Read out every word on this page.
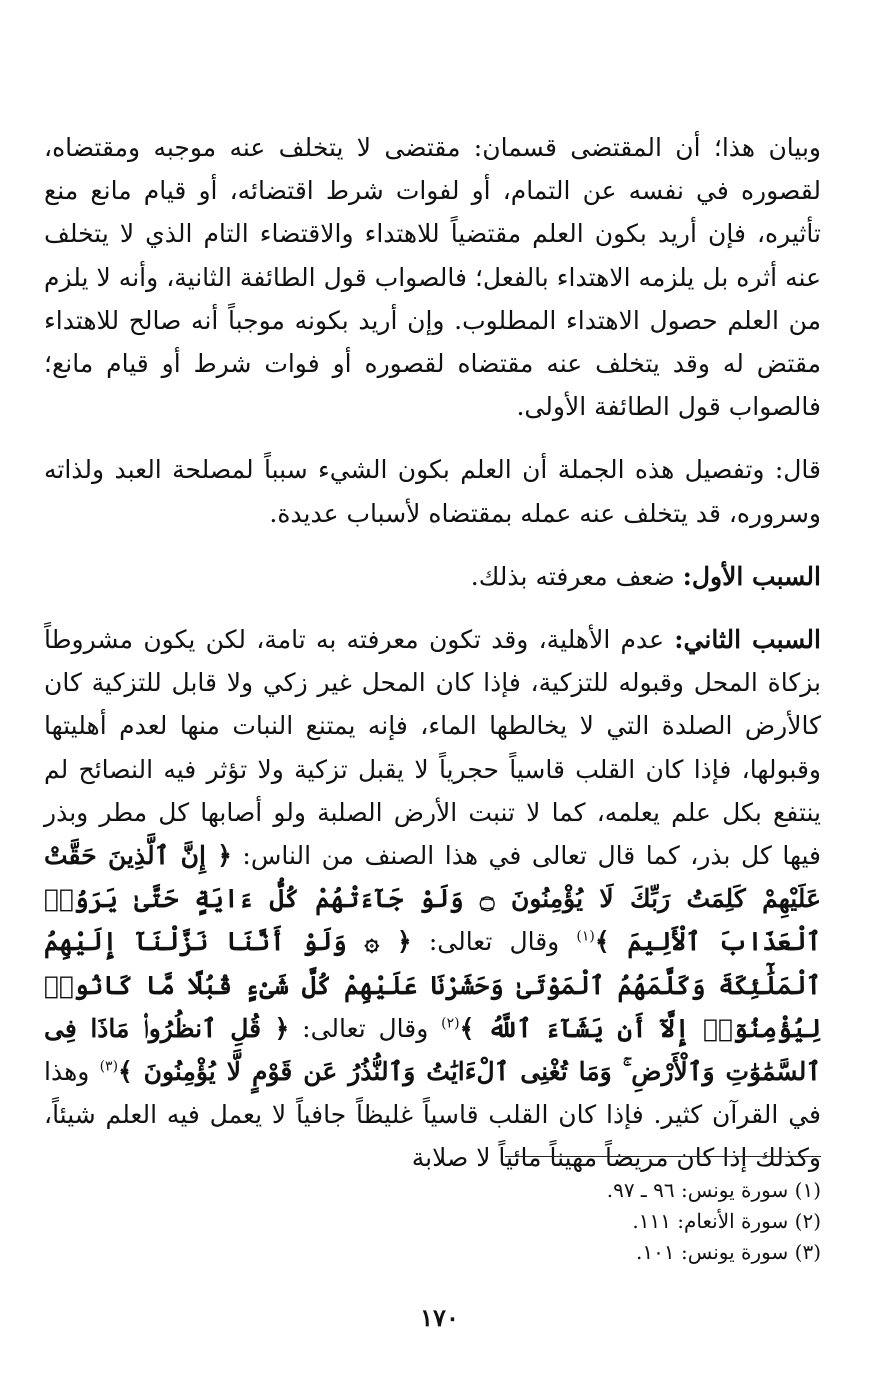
وبيان هذا؛ أن المقتضى قسمان: مقتضى لا يتخلف عنه موجبه ومقتضاه، لقصوره في نفسه عن التمام، أو لفوات شرط اقتضائه، أو قيام مانع منع تأثيره، فإن أريد بكون العلم مقتضياً للاهتداء والاقتضاء التام الذي لا يتخلف عنه أثره بل يلزمه الاهتداء بالفعل؛ فالصواب قول الطائفة الثانية، وأنه لا يلزم من العلم حصول الاهتداء المطلوب. وإن أريد بكونه موجباً أنه صالح للاهتداء مقتض له وقد يتخلف عنه مقتضاه لقصوره أو فوات شرط أو قيام مانع؛ فالصواب قول الطائفة الأولى.

قال: وتفصيل هذه الجملة أن العلم بكون الشيء سبباً لمصلحة العبد ولذاته وسروره، قد يتخلف عنه عمله بمقتضاه لأسباب عديدة.

السبب الأول: ضعف معرفته بذلك.

السبب الثاني: عدم الأهلية، وقد تكون معرفته به تامة، لكن يكون مشروطاً بزكاة المحل وقبوله للتزكية، فإذا كان المحل غير زكي ولا قابل للتزكية كان كالأرض الصلدة التي لا يخالطها الماء، فإنه يمتنع النبات منها لعدم أهليتها وقبولها، فإذا كان القلب قاسياً حجرياً لا يقبل تزكية ولا تؤثر فيه النصائح لم ينتفع بكل علم يعلمه، كما لا تنبت الأرض الصلبة ولو أصابها كل مطر وبذر فيها كل بذر، كما قال تعالى في هذا الصنف من الناس: ﴿ إِنَّ ٱلَّذِينَ حَقَّتْ عَلَيْهِمْ كَلِمَتُ رَبِّكَ لَا يُؤْمِنُونَ ۝ وَلَوْ جَآءَتْهُمْ كُلُّ ءَايَةٍ حَتَّىٰ يَرَوُا۟ ٱلْعَذَابَ ٱلْأَلِيمَ ﴾$^{(١)}$ وقال تعالى: ﴿ ۞ وَلَوْ أَنَّنَا نَزَّلْنَآ إِلَيْهِمُ ٱلْمَلَٰٓئِكَةَ وَكَلَّمَهُمُ ٱلْمَوْتَىٰ وَحَشَرْنَا عَلَيْهِمْ كُلَّ شَىْءٍ قُبُلًا مَّا كَانُوا۟ لِيُؤْمِنُوٓا۟ إِلَّآ أَن يَشَآءَ ٱللَّهُ ﴾$^{(٢)}$ وقال تعالى: ﴿ قُلِ ٱنظُرُوا۟ مَاذَا فِى ٱلسَّمَٰوَٰتِ وَٱلْأَرْضِ ۚ وَمَا تُغْنِى ٱلْءَايَٰتُ وَٱلنُّذُرُ عَن قَوْمٍ لَّا يُؤْمِنُونَ ﴾$^{(٣)}$ وهذا في القرآن كثير. فإذا كان القلب قاسياً غليظاً جافياً لا يعمل فيه العلم شيئاً، وكذلك إذا كان مريضاً مهيناً مائياً لا صلابة

(١) سورة يونس: ٩٦ ـ ٩٧.
(٢) سورة الأنعام: ١١١.
(٣) سورة يونس: ١٠١.
١٧٠
